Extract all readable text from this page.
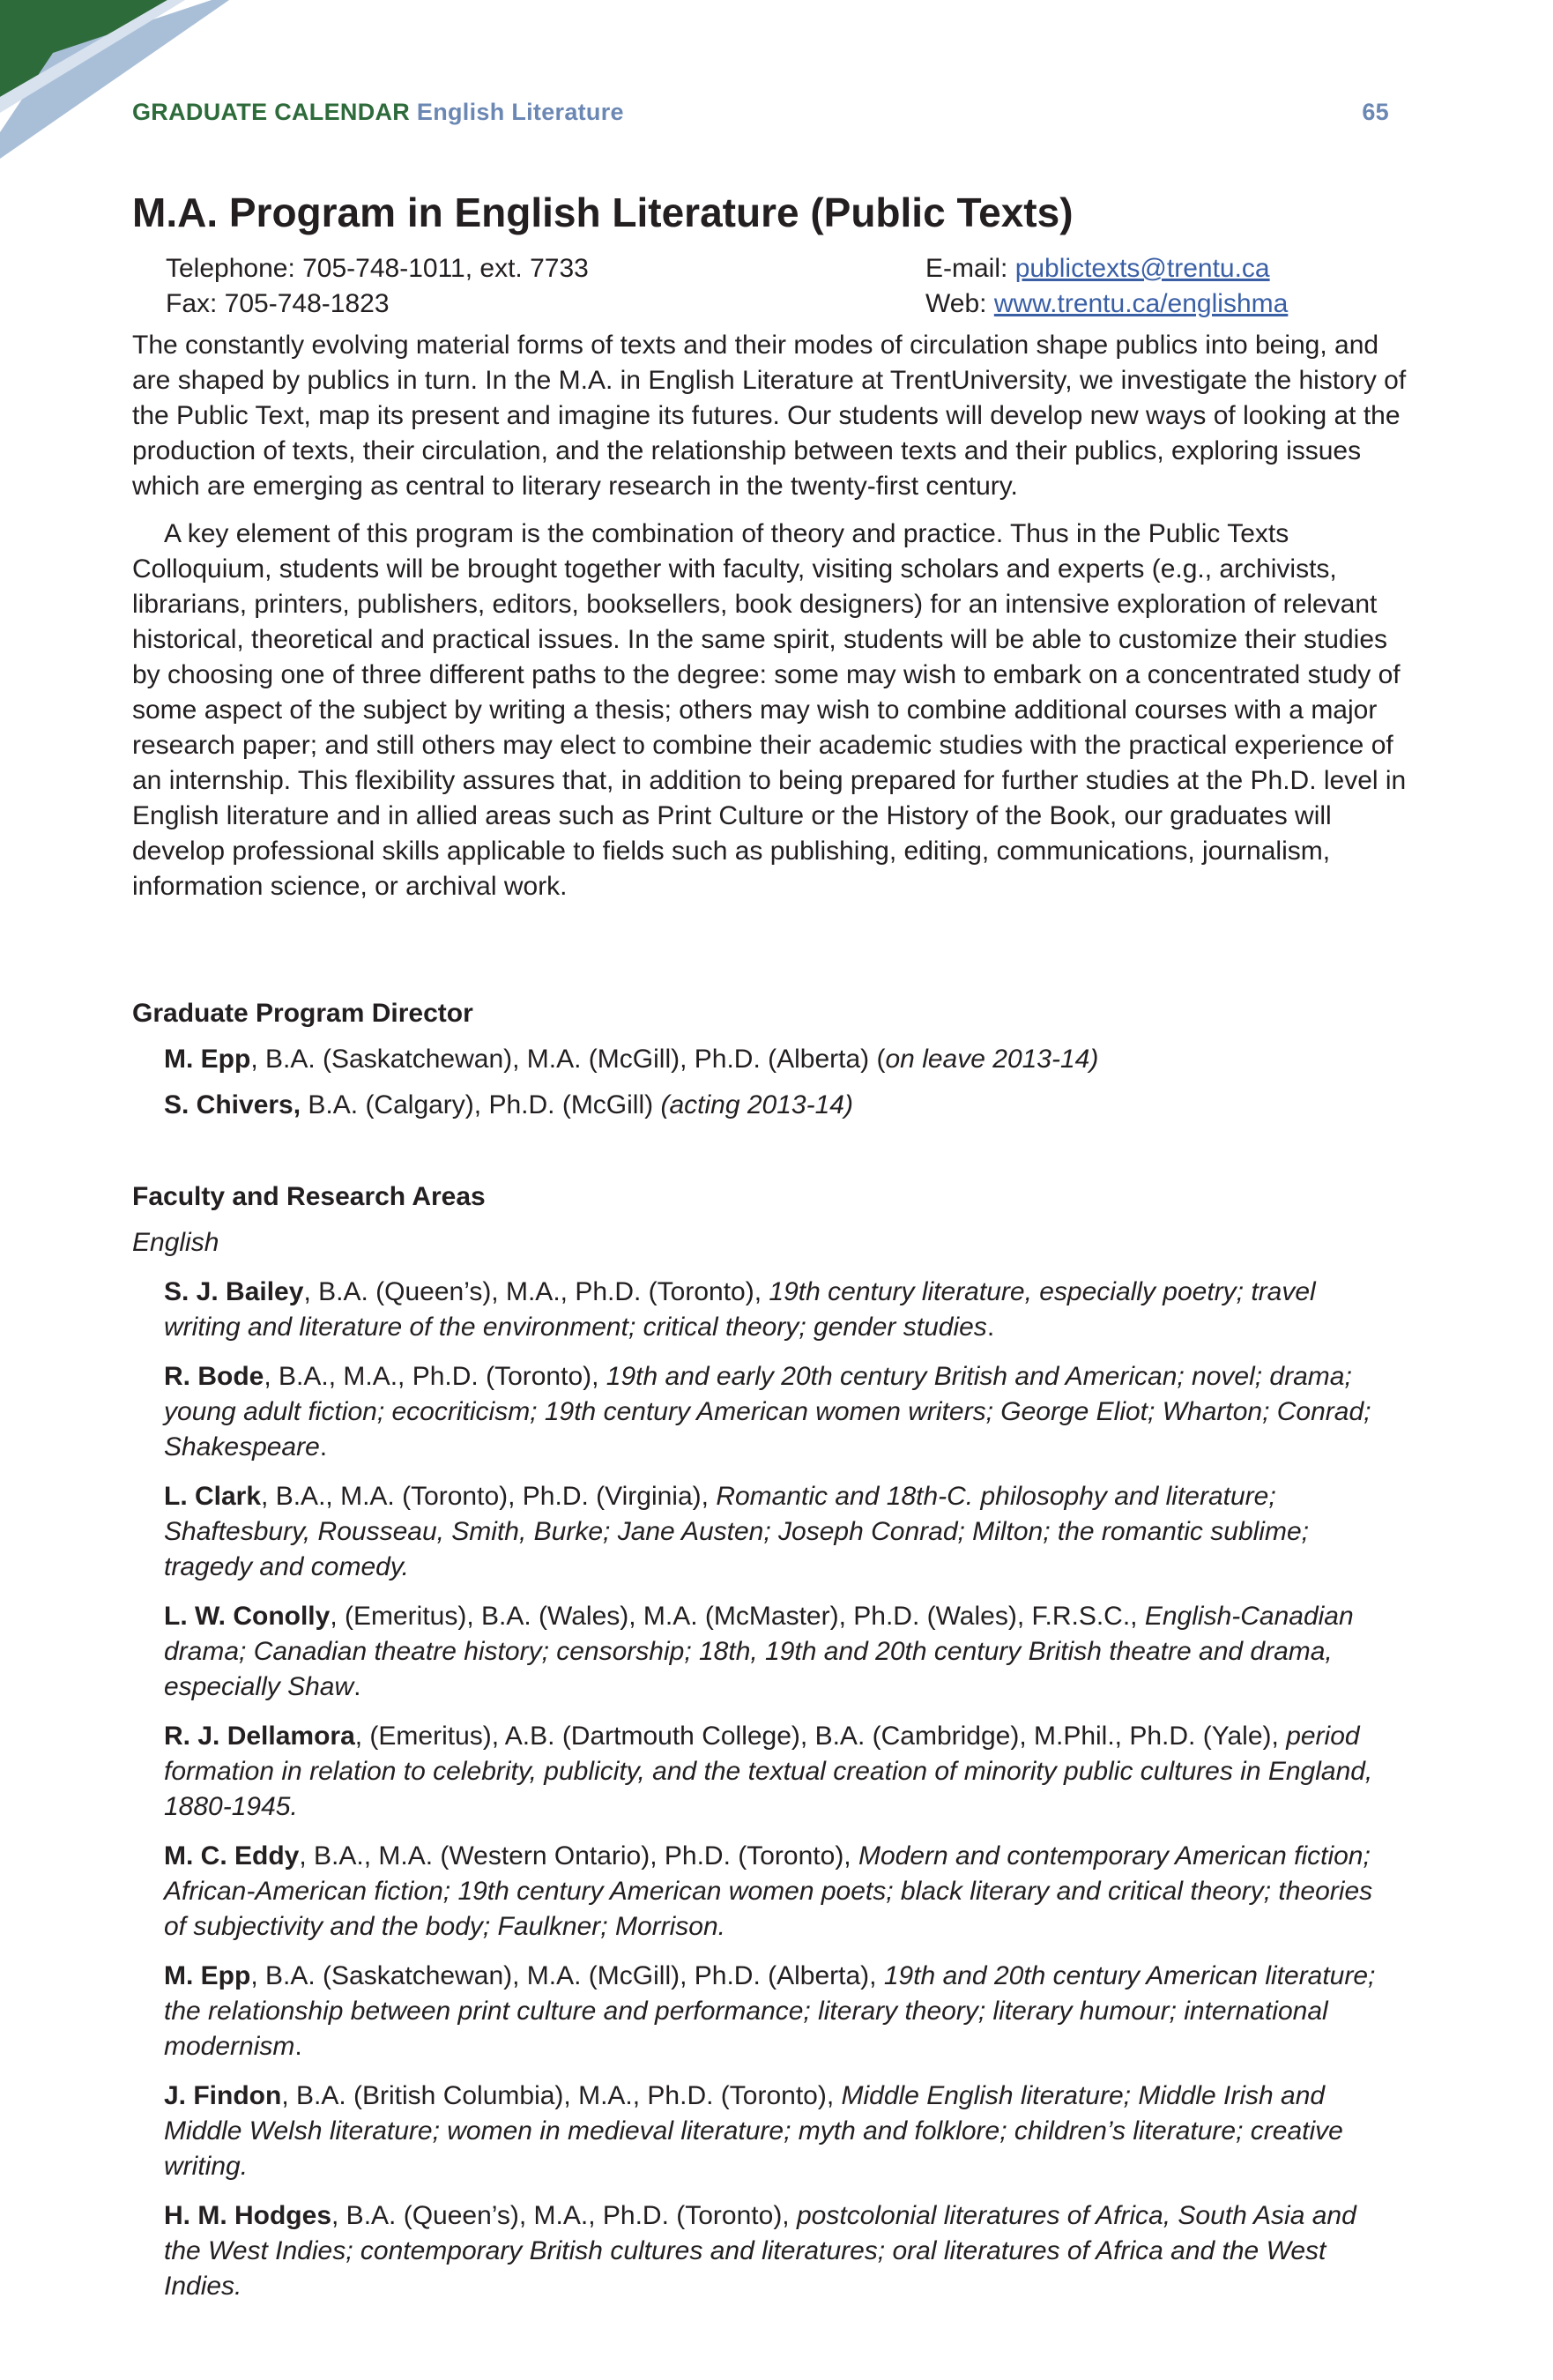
GRADUATE CALENDAR English Literature	65
M.A. Program in English Literature (Public Texts)
Telephone: 705-748-1011, ext. 7733	E-mail: publictexts@trentu.ca
Fax: 705-748-1823	Web: www.trentu.ca/englishma

The constantly evolving material forms of texts and their modes of circulation shape publics into being, and are shaped by publics in turn. In the M.A. in English Literature at TrentUniversity, we investigate the history of the Public Text, map its present and imagine its futures. Our students will develop new ways of looking at the production of texts, their circulation, and the relationship between texts and their publics, exploring issues which are emerging as central to literary research in the twenty-first century.

A key element of this program is the combination of theory and practice. Thus in the Public Texts Colloquium, students will be brought together with faculty, visiting scholars and experts (e.g., archivists, librarians, printers, publishers, editors, booksellers, book designers) for an intensive exploration of relevant historical, theoretical and practical issues. In the same spirit, students will be able to customize their studies by choosing one of three different paths to the degree: some may wish to embark on a concentrated study of some aspect of the subject by writing a thesis; others may wish to combine additional courses with a major research paper; and still others may elect to combine their academic studies with the practical experience of an internship. This flexibility assures that, in addition to being prepared for further studies at the Ph.D. level in English literature and in allied areas such as Print Culture or the History of the Book, our graduates will develop professional skills applicable to fields such as publishing, editing, communications, journalism, information science, or archival work.

Graduate Program Director
M. Epp, B.A. (Saskatchewan), M.A. (McGill), Ph.D. (Alberta) (on leave 2013-14)
S. Chivers, B.A. (Calgary), Ph.D. (McGill) (acting 2013-14)
Faculty and Research Areas
English
S. J. Bailey, B.A. (Queen’s), M.A., Ph.D. (Toronto), 19th century literature, especially poetry; travel writing and literature of the environment; critical theory; gender studies.
R. Bode, B.A., M.A., Ph.D. (Toronto), 19th and early 20th century British and American; novel; drama; young adult fiction; ecocriticism; 19th century American women writers; George Eliot; Wharton; Conrad; Shakespeare.
L. Clark, B.A., M.A. (Toronto), Ph.D. (Virginia), Romantic and 18th-C. philosophy and literature; Shaftesbury, Rousseau, Smith, Burke; Jane Austen; Joseph Conrad; Milton; the romantic sublime; tragedy and comedy.
L. W. Conolly, (Emeritus), B.A. (Wales), M.A. (McMaster), Ph.D. (Wales), F.R.S.C., English-Canadian drama; Canadian theatre history; censorship; 18th, 19th and 20th century British theatre and drama, especially Shaw.
R. J. Dellamora, (Emeritus), A.B. (Dartmouth College), B.A. (Cambridge), M.Phil., Ph.D. (Yale), period formation in relation to celebrity, publicity, and the textual creation of minority public cultures in England, 1880-1945.
M. C. Eddy, B.A., M.A. (Western Ontario), Ph.D. (Toronto), Modern and contemporary American fiction; African-American fiction; 19th century American women poets; black literary and critical theory; theories of subjectivity and the body; Faulkner; Morrison.
M. Epp, B.A. (Saskatchewan), M.A. (McGill), Ph.D. (Alberta), 19th and 20th century American literature; the relationship between print culture and performance; literary theory; literary humour; international modernism.
J. Findon, B.A. (British Columbia), M.A., Ph.D. (Toronto), Middle English literature; Middle Irish and Middle Welsh literature; women in medieval literature; myth and folklore; children’s literature; creative writing.
H. M. Hodges, B.A. (Queen’s), M.A., Ph.D. (Toronto), postcolonial literatures of Africa, South Asia and the West Indies; contemporary British cultures and literatures; oral literatures of Africa and the West Indies.
